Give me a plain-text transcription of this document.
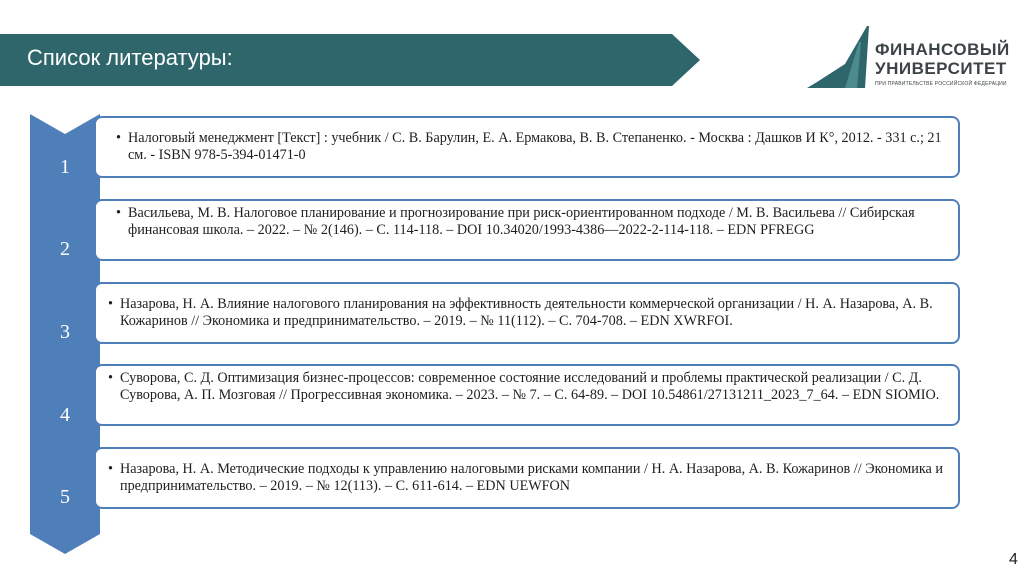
Список литературы:	ФИНАНСОВЫЙ
УНИВЕРСИТЕТ
ПРИ ПРАВИТЕЛЬСТВЕ РОССИЙСКОЙ ФЕДЕРАЦИИ
1
• Налоговый менеджмент [Текст] : учебник / С. В. Барулин, Е. А. Ермакова, В. В. Степаненко. - Москва : Дашков И К°, 2012. - 331 с.; 21 см. - ISBN 978-5-394-01471-0
2
• Васильева, М. В. Налоговое планирование и прогнозирование при риск-ориентированном подходе / М. В. Васильева // Сибирская финансовая школа. – 2022. – № 2(146). – С. 114-118. – DOI 10.34020/1993-4386—2022-2-114-118. – EDN PFREGG
3
• Назарова, Н. А. Влияние налогового планирования на эффективность деятельности коммерческой организации / Н. А. Назарова, А. В. Кожаринов // Экономика и предпринимательство. – 2019. – № 11(112). – С. 704-708. – EDN XWRFOI.
4
• Суворова, С. Д. Оптимизация бизнес-процессов: современное состояние исследований и проблемы практической реализации / С. Д. Суворова, А. П. Мозговая // Прогрессивная экономика. – 2023. – № 7. – С. 64-89. – DOI 10.54861/27131211_2023_7_64. – EDN SIOMIO.
5
• Назарова, Н. А. Методические подходы к управлению налоговыми рисками компании / Н. А. Назарова, А. В. Кожаринов // Экономика и предпринимательство. – 2019. – № 12(113). – С. 611-614. – EDN UEWFON
4
